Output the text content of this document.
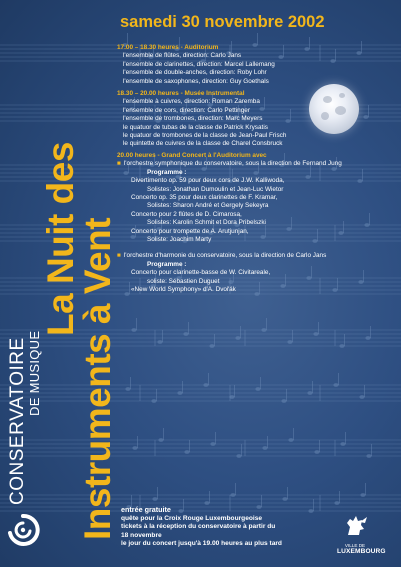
La Nuit des
Instruments à Vent
CONSERVATOIRE DE MUSIQUE
samedi 30 novembre 2002
17.00 – 18.30 heures - Auditorium
l'ensemble de flûtes, direction: Carlo Jans
l'ensemble de clarinettes, direction: Marcel Lallemang
l'ensemble de double-anches, direction: Roby Lohr
l'ensemble de saxophones, direction: Guy Goethals
18.30 – 20.00 heures - Musée Instrumental
l'ensemble à cuivres, direction: Roman Zaremba
l'ensemble de cors, direction: Carlo Pettinger
l'ensemble de trombones, direction: Marc Meyers
le quatuor de tubas de la classe de Patrick Krysatis
le quatuor de trombones de la classe de Jean-Paul Frisch
le quintette de cuivres de la classe de Charel Consbruck
20.00 heures - Grand Concert à l'Auditorium avec
■ l'orchestre symphonique du conservatoire, sous la direction de Fernand Jung
Programme :
Divertimento op. 59 pour deux cors de J.W. Kalliwoda,
Solistes: Jonathan Dumoulin et Jean-Luc Wietor
Concerto op. 35 pour deux clarinettes de F. Kramar,
Solistes: Sharon André et Gergely Sekeyra
Concerto pour 2 flûtes de D. Cimarosa,
Solistes: Karolin Schmit et Dora Pribelszki
Concerto pour trompette de A. Arutjunjan,
Soliste: Joachim Marty
■ l'orchestre d'harmonie du conservatoire, sous la direction de Carlo Jans
Programme :
Concerto pour clarinette-basse de W. Civitareale,
soliste: Sébastien Duguet
«New World Symphony» d'A. Dvořák
entrée gratuite
quête pour la Croix Rouge Luxembourgeoise
tickets à la réception du conservatoire à partir du
18 novembre
le jour du concert jusqu'à 19.00 heures au plus tard	VILLE DE
LUXEMBOURG
